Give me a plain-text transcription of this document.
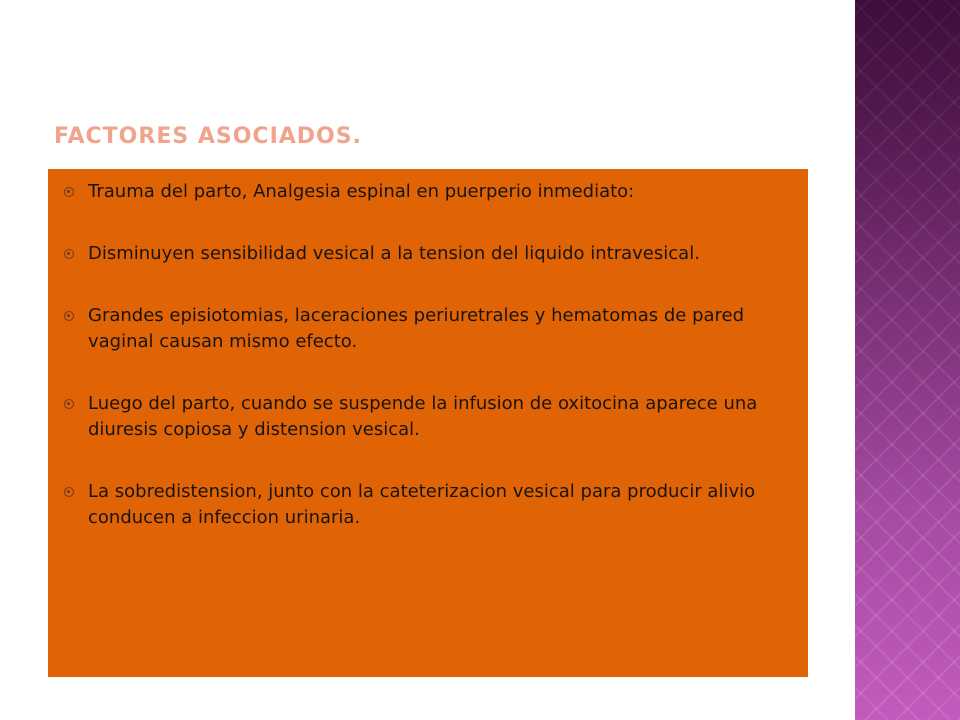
FACTORES ASOCIADOS.
Trauma del parto, Analgesia espinal en puerperio inmediato:
Disminuyen sensibilidad vesical a la tension del liquido intravesical.
Grandes episiotomias, laceraciones periuretrales y hematomas de pared vaginal causan mismo efecto.
Luego del parto, cuando se suspende la infusion de oxitocina aparece una diuresis copiosa y distension vesical.
La sobredistension, junto con la cateterizacion vesical para producir alivio conducen a infeccion urinaria.
